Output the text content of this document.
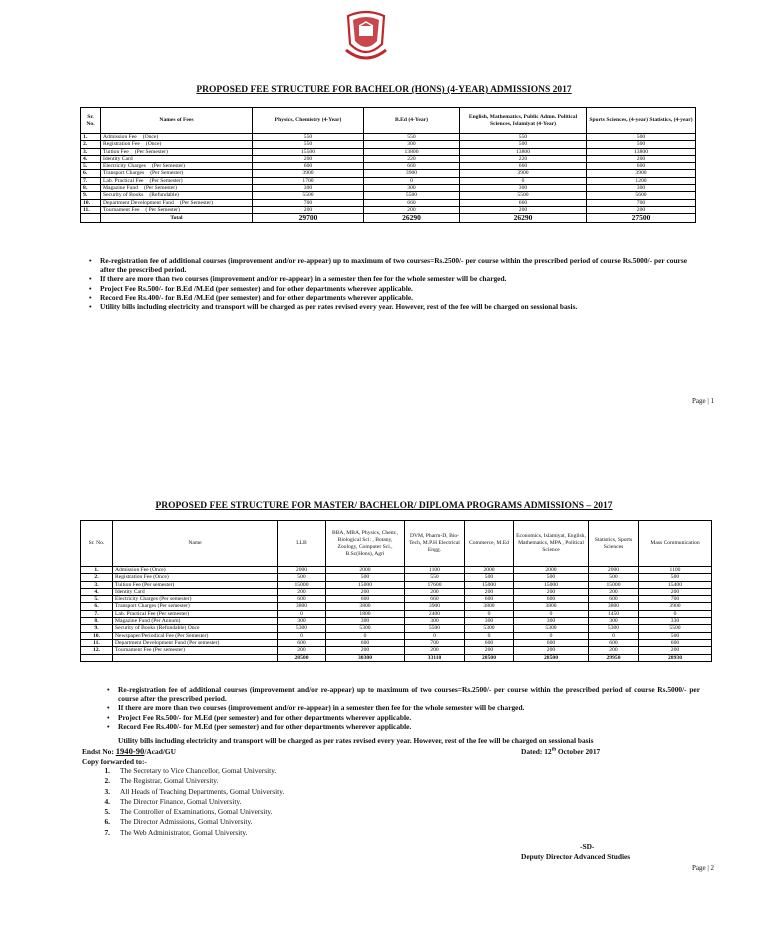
PROPOSED FEE STRUCTURE FOR BACHELOR (HONS) (4-YEAR) ADMISSIONS 2017
Sr. No.	Names of Fees	Physics, Chemistry (4-Year)	B.Ed (4-Year)	English, Mathematics, Public Admn. Political Sciences, Islamiyat (4-Year)	Sports Sciences, (4-year) Statistics, (4-year)
1.	Admission Fee (Once)	550	550	550	500
2.	Registration Fee (Once)	550	300	500	500
3.	Tuition Fee (Per Semester)	15500	13800	13800	13800
4.	Identity Card	200	220	220	200
5.	Electricity Charges (Per Semester)	600	660	660	600
6.	Transport Charges (Per Semester)	3900	3900	3900	3900
7.	Lab. Practical Fee (Per Semester)	1700	0	0	1200
8.	Magazine Fund (Per Semester)	300	300	300	300
9.	Security of Books (Refundable)	5500	5500	5500	5600
10.	Department Development Fund (Per Semester)	700	660	660	700
11.	Tournament Fee ( Per Semester)	200	200	200	200
	Total	29700	26290	26290	27500
• Re-registration fee of additional courses (improvement and/or re-appear) up to maximum of two courses=Rs.2500/- per course within the prescribed period of course Rs.5000/- per course after the prescribed period.
• If there are more than two courses (improvement and/or re-appear) in a semester then fee for the whole semester will be charged.
• Project Fee Rs.500/- for B.Ed /M.Ed (per semester) and for other departments wherever applicable.
• Record Fee Rs.400/- for B.Ed /M.Ed (per semester) and for other departments wherever applicable.
• Utility bills including electricity and transport will be charged as per rates revised every year. However, rest of the fee will be charged on sessional basis.
Page | 1
PROPOSED FEE STRUCTURE FOR MASTER/ BACHELOR/ DIPLOMA PROGRAMS ADMISSIONS – 2017
Sr. No.	Name	LLB	BBA, MBA, Physics, Chem:, Biological Sci: , Botany, Zoology, Computer Sci., B.Sc(Hons), Agri	DVM, Pharm-D, Bio-Tech, M.P.H Electrical Engg.	Commerce, M.Ed	Economics, Islamiyat, English, Mathematics, MPA , Political Science	Statistics, Sports Sciences	Mass Communication
1.	Admission Fee (Once)	2000	2000	1100	2000	2000	2000	1100
2.	Registration Fee (Once)	500	500	550	500	500	500	500
3.	Tuition Fee (Per semester)	15000	15000	17600	15000	15000	15000	15400
4.	Identity Card	200	200	200	200	200	200	200
5.	Electricity Charges (Per semester)	600	600	660	600	600	600	700
6.	Transport Charges (Per semester)	3800	3800	3900	3800	3800	3800	3900
7.	Lab. Practical Fee (Per semester)	0	1800	2400	0	0	1450	0
8.	Magazine Fund (Per Annum)	300	300	300	300	300	300	330
9.	Security of Books (Refundable) Once	5300	5300	5500	5300	5300	5300	5500
10.	Newspaper/Periodical Fee (Per Semester)	0	0	0	0	0	0	500
11.	Department Development Fund (Per semester)	600	600	700	600	600	600	600
12.	Tournament Fee (Per semester)	200	200	200	200	200	200	200
		28500	30300	33110	28500	28500	29950	28930
• Re-registration fee of additional courses (improvement and/or re-appear) up to maximum of two courses=Rs.2500/- per course within the prescribed period of course Rs.5000/- per course after the prescribed period.
• If there are more than two courses (improvement and/or re-appear) in a semester then fee for the whole semester will be charged.
• Project Fee Rs.500/- for M.Ed (per semester) and for other departments wherever applicable.
• Record Fee Rs.400/- for M.Ed (per semester) and for other departments wherever applicable.
Utility bills including electricity and transport will be charged as per rates revised every year. However, rest of the fee will be charged on sessional basis
Endst No: 1940-90/Acad/GU	Dated: 12th October 2017
Copy forwarded to:-
1. The Secretary to Vice Chancellor, Gomal University.
2. The Registrar, Gomal University.
3. All Heads of Teaching Departments, Gomal University.
4. The Director Finance, Gomal University.
5. The Controller of Examinations, Gomal University.
6. The Director Admissions, Gomal University.
7. The Web Administrator, Gomal University.
-SD-
Deputy Director Advanced Studies
Page | 2
